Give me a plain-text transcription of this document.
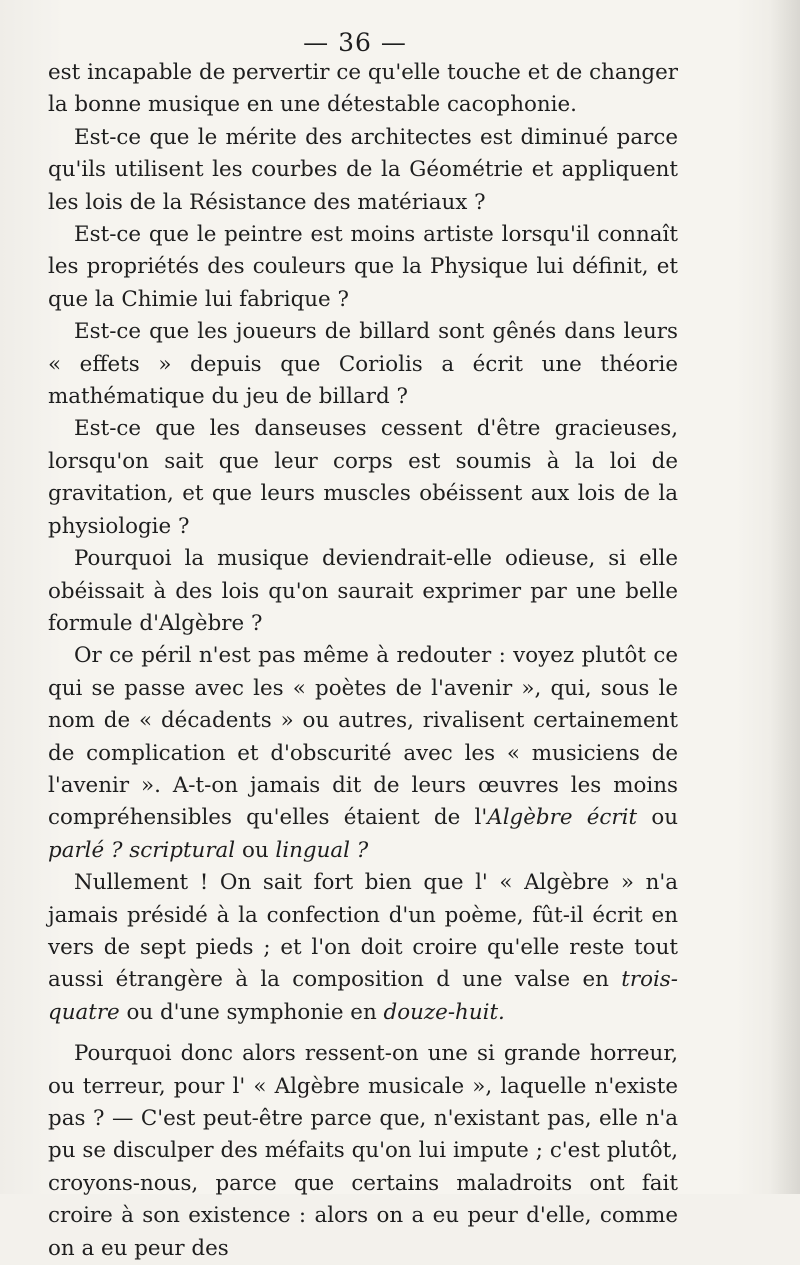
— 36 —

est incapable de pervertir ce qu'elle touche et de changer la bonne musique en une détestable cacophonie.

Est-ce que le mérite des architectes est diminué parce qu'ils utilisent les courbes de la Géométrie et appliquent les lois de la Résistance des matériaux ?

Est-ce que le peintre est moins artiste lorsqu'il connaît les propriétés des couleurs que la Physique lui définit, et que la Chimie lui fabrique ?

Est-ce que les joueurs de billard sont gênés dans leurs « effets » depuis que Coriolis a écrit une théorie mathématique du jeu de billard ?

Est-ce que les danseuses cessent d'être gracieuses, lorsqu'on sait que leur corps est soumis à la loi de gravitation, et que leurs muscles obéissent aux lois de la physiologie ?

Pourquoi la musique deviendrait-elle odieuse, si elle obéissait à des lois qu'on saurait exprimer par une belle formule d'Algèbre ?

Or ce péril n'est pas même à redouter : voyez plutôt ce qui se passe avec les « poètes de l'avenir », qui, sous le nom de « décadents » ou autres, rivalisent certainement de complication et d'obscurité avec les « musiciens de l'avenir ». A-t-on jamais dit de leurs œuvres les moins compréhensibles qu'elles étaient de l'Algèbre écrit ou parlé ? scriptural ou lingual ?

Nullement ! On sait fort bien que l' « Algèbre » n'a jamais présidé à la confection d'un poème, fût-il écrit en vers de sept pieds ; et l'on doit croire qu'elle reste tout aussi étrangère à la composition d une valse en trois-quatre ou d'une symphonie en douze-huit.

Pourquoi donc alors ressent-on une si grande horreur, ou terreur, pour l' « Algèbre musicale », laquelle n'existe pas ? — C'est peut-être parce que, n'existant pas, elle n'a pu se disculper des méfaits qu'on lui impute ; c'est plutôt, croyons-nous, parce que certains maladroits ont fait croire à son existence : alors on a eu peur d'elle, comme on a eu peur des
